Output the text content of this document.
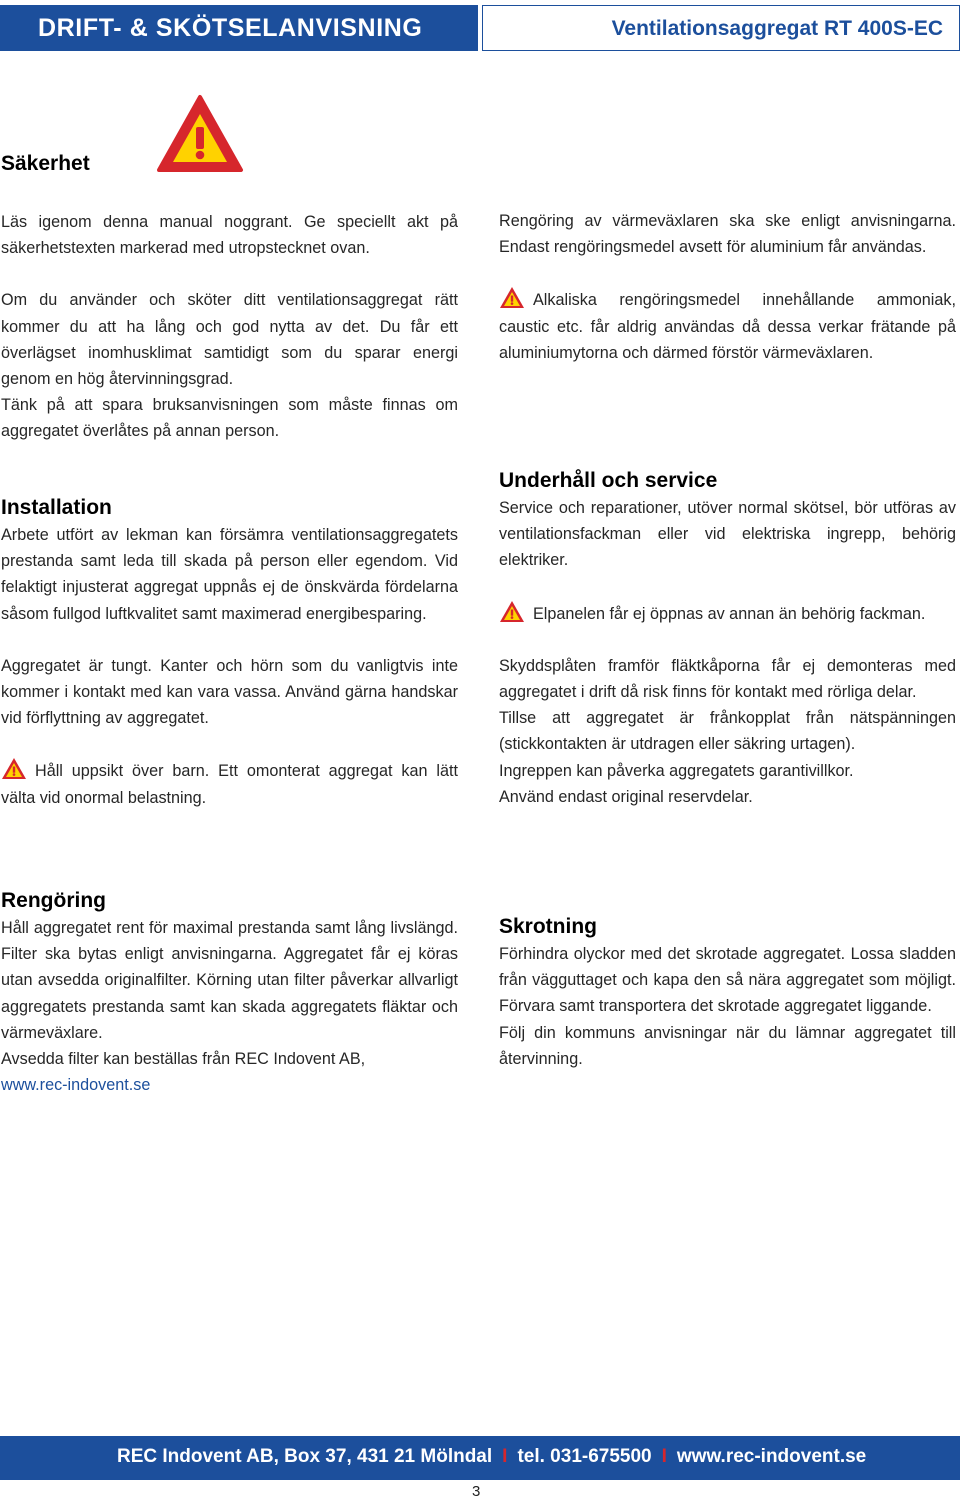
DRIFT- & SKÖTSELANVISNING	Ventilationsaggregat RT 400S-EC
Säkerhet

Läs igenom denna manual noggrant. Ge speciellt akt på säkerhetstexten markerad med utropstecknet ovan.

Om du använder och sköter ditt ventilationsaggregat rätt kommer du att ha lång och god nytta av det. Du får ett överlägset inomhusklimat samtidigt som du sparar energi genom en hög återvinningsgrad.

Tänk på att spara bruksanvisningen som måste finnas om aggregatet överlåtes på annan person.

Installation

Arbete utfört av lekman kan försämra ventilationsaggregatets prestanda samt leda till skada på person eller egendom. Vid felaktigt injusterat aggregat uppnås ej de önskvärda fördelarna såsom fullgod luftkvalitet samt maximerad energibesparing.

Aggregatet är tungt. Kanter och hörn som du vanligtvis inte kommer i kontakt med kan vara vassa. Använd gärna handskar vid förflyttning av aggregatet.

Håll uppsikt över barn. Ett omonterat aggregat kan lätt välta vid onormal belastning.

Rengöring

Håll aggregatet rent för maximal prestanda samt lång livslängd. Filter ska bytas enligt anvisningarna. Aggregatet får ej köras utan avsedda originalfilter. Körning utan filter påverkar allvarligt aggregatets prestanda samt kan skada aggregatets fläktar och värmeväxlare.

Avsedda filter kan beställas från REC Indovent AB,

www.rec-indovent.se

Rengöring av värmeväxlaren ska ske enligt anvisningarna. Endast rengöringsmedel avsett för aluminium får användas.

Alkaliska rengöringsmedel innehållande ammoniak, caustic etc. får aldrig användas då dessa verkar frätande på aluminiumytorna och därmed förstör värmeväxlaren.

Underhåll och service

Service och reparationer, utöver normal skötsel, bör utföras av ventilationsfackman eller vid elektriska ingrepp, behörig elektriker.

Elpanelen får ej öppnas av annan än behörig fackman.

Skyddsplåten framför fläktkåporna får ej demonteras med aggregatet i drift då risk finns för kontakt med rörliga delar.

Tillse att aggregatet är frånkopplat från nätspänningen (stickkontakten är utdragen eller säkring urtagen).

Ingreppen kan påverka aggregatets garantivillkor.

Använd endast original reservdelar.

Skrotning

Förhindra olyckor med det skrotade aggregatet. Lossa sladden från vägguttaget och kapa den så nära aggregatet som möjligt. Förvara samt transportera det skrotade aggregatet liggande.

Följ din kommuns anvisningar när du lämnar aggregatet till återvinning.

REC Indovent AB, Box 37, 431 21 Mölndal I tel. 031-675500 I www.rec-indovent.se
3
